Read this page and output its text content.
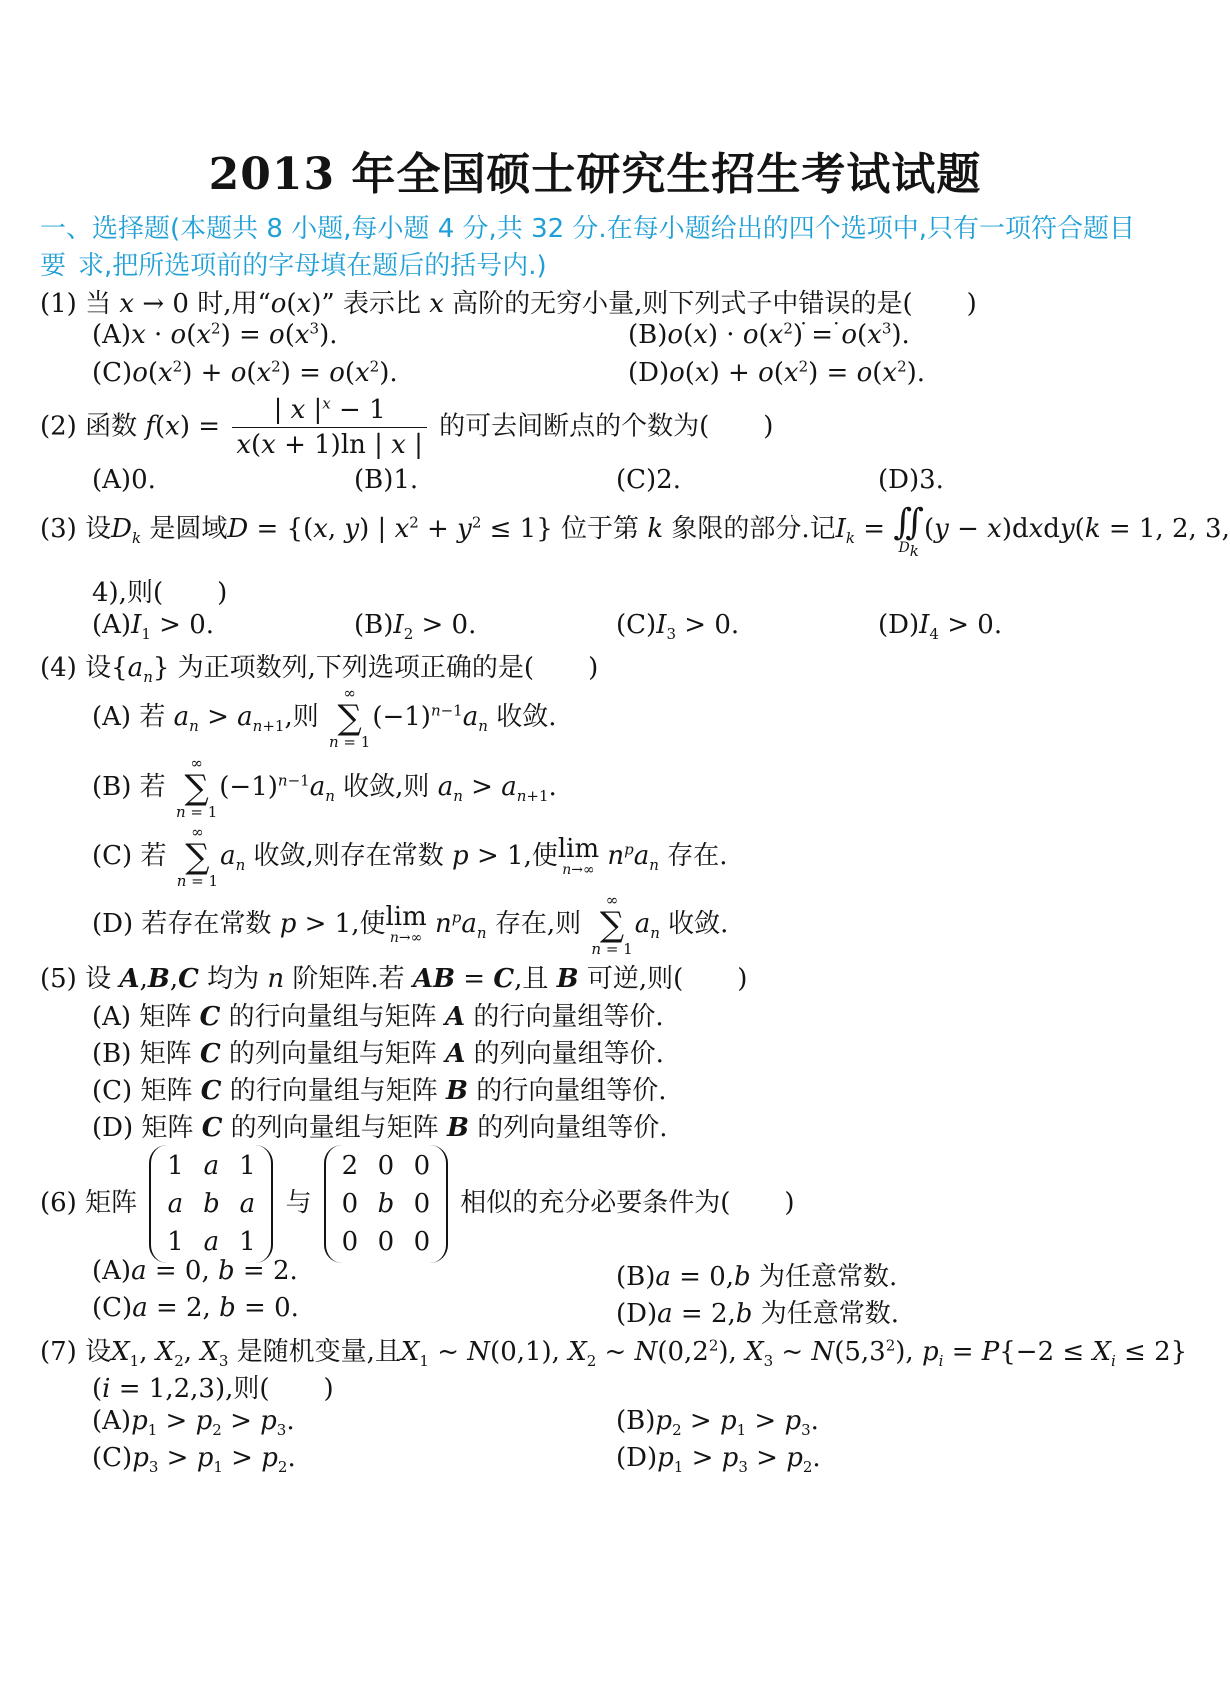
2013 年全国硕士研究生招生考试试题
一、选择题(本题共 8 小题,每小题 4 分,共 32 分.在每小题给出的四个选项中,只有一项符合题目要 求,把所选项前的字母填在题后的括号内.)
(1) 当 x → 0 时,用“o(x)” 表示比 x 高阶的无穷小量,则下列式子中· · 错误的是( )
$(A)x \cdot o(x^2) = o(x^3)$.	$(B)o(x) \cdot o(x^2) = o(x^3)$.
$(C)o(x^2) + o(x^2) = o(x^2)$.	$(D)o(x) + o(x^2) = o(x^2)$.
(2) 函数 $f(x) = \frac{| x |^x - 1}{x(x + 1)\ln | x |}$ 的可去间断点的个数为( )
(A)0.	(B)1.	(C)2.	(D)3.
(3) 设$D_k$ 是圆域D = {(x, y) | $x^2 + y^2 \le 1$} 位于第 k 象限的部分.记$I_k$ = ∬
$D_k$
(y − x)dxdy(k = 1, 2, 3,
4),则( )
$(A)I_1 > 0$.	$(B)I_2 > 0$.	$(C)I_3 > 0$.	$(D)I_4 > 0$.
(4) 设$\{a_n\}$ 为正项数列,下列选项正确的是( )
(A) 若 $a_n > a_{n+1}$,则
∞
∑
n = 1
$(-1)^{n-1}a_n$ 收敛.
(B) 若
∞
∑
n = 1
$(-1)^{n-1}a_n$ 收敛,则 $a_n > a_{n+1}$.
(C) 若
∞
∑
n = 1
$a_n$ 收敛,则存在常数 p > 1,使 lim
n→∞ $n^pa_n$ 存在.
(D) 若存在常数 p > 1,使 lim
n→∞ $n^pa_n$ 存在,则
∞
∑
n = 1
$a_n$ 收敛.
(5) 设 A,B,C 均为 n 阶矩阵.若 AB = C,且 B 可逆,则( )
(A) 矩阵 C 的行向量组与矩阵 A 的行向量组等价.
(B) 矩阵 C 的列向量组与矩阵 A 的列向量组等价.
(C) 矩阵 C 的行向量组与矩阵 B 的行向量组等价.
(D) 矩阵 C 的列向量组与矩阵 B 的列向量组等价.
(6) 矩阵
1 a 1
a b a
1 a 1
与
2 0 0
0 b 0
0 0 0
相似的充分必要条件为( )
(A)a = 0, b = 2.	(B)a = 0,b 为任意常数.
(C)a = 2, b = 0.	(D)a = 2,b 为任意常数.
(7) 设$X_1$, $X_2$, $X_3$ 是随机变量,且$X_1$ ~ N(0,1), $X_2$ ~ $N(0,2^2)$, $X_3$ ~ $N(5,3^2)$, $p_i = P\{-2 \le X_i \le 2\}$
(i = 1,2,3),则( )
$(A)p_1 > p_2 > p_3$.	$(B)p_2 > p_1 > p_3$.
$(C)p_3 > p_1 > p_2$.	$(D)p_1 > p_3 > p_2$.
